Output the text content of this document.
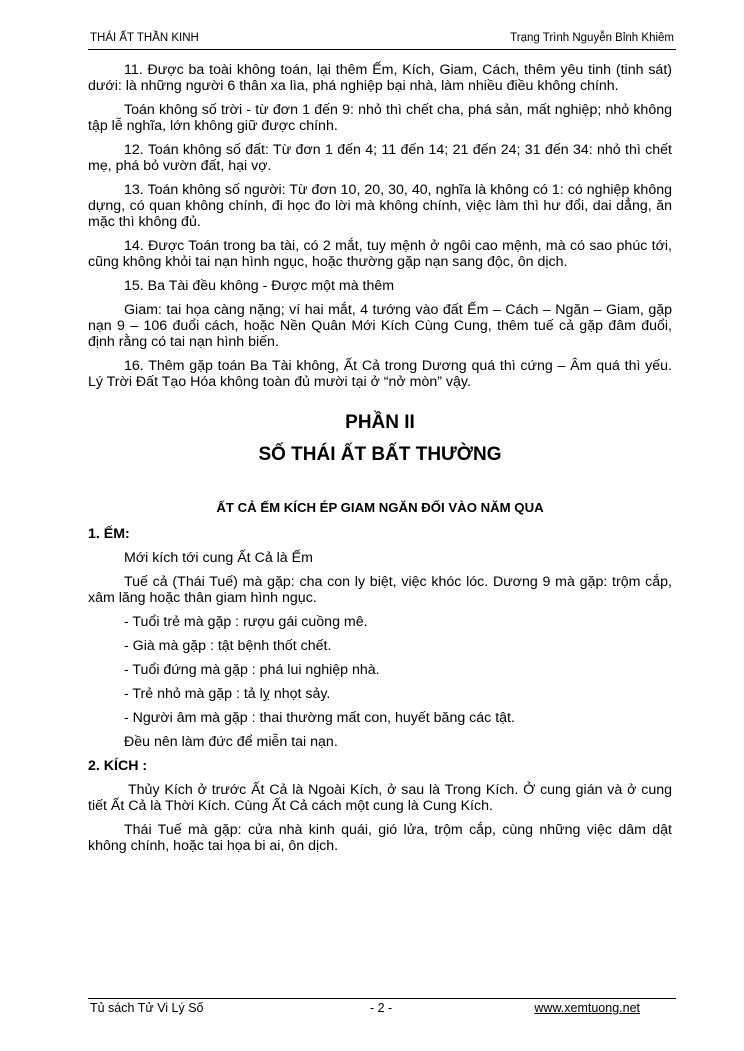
THÁI ẤT THẦN KINH	Trạng Trình Nguyễn Bỉnh Khiêm

11. Được ba toài không toán, lại thêm Ếm, Kích, Giam, Cách, thêm yêu tinh (tinh sát) dưới: là những người 6 thân xa lìa, phá nghiệp bại nhà, làm nhiều điều không chính.

Toán không số trời - từ đơn 1 đến 9: nhỏ thì chết cha, phá sản, mất nghiệp; nhỏ không tập lễ nghĩa, lớn không giữ được chính.

12. Toán không số đất: Từ đơn 1 đến 4; 11 đến 14; 21 đến 24; 31 đến 34: nhỏ thì chết mẹ, phá bỏ vườn đất, hại vợ.

13. Toán không số người: Từ đơn 10, 20, 30, 40, nghĩa là không có 1: có nghiệp không dựng, có quan không chính, đi học đo lời mà không chính, việc làm thì hư đổi, dai dẳng, ăn mặc thì không đủ.

14. Được Toán trong ba tài, có 2 mắt, tuy mệnh ở ngôi cao mệnh, mà có sao phúc tới, cũng không khỏi tai nạn hình ngục, hoặc thường gặp nạn sang độc, ôn dịch.

15. Ba Tài đều không - Được một mà thêm

Giam: tai họa càng nặng; ví hai mắt, 4 tướng vào đất Ếm – Cách – Ngăn – Giam, gặp nạn 9 – 106 đuổi cách, hoặc Nền Quân Mới Kích Cùng Cung, thêm tuế cả gặp đâm đuổi, định rằng có tai nạn hình biến.

16. Thêm gặp toán Ba Tài không, Ất Cả trong Dương quá thì cứng – Âm quá thì yếu. Lý Trời Đất Tạo Hóa không toàn đủ mười tại ở “nở mòn” vậy.

PHẦN II
SỐ THÁI ẤT BẤT THƯỜNG
ẤT CẢ ẾM KÍCH ÉP GIAM NGĂN ĐỐI VÀO NĂM QUA
1. ẾM:

Mới kích tới cung Ất Cả là Ếm

Tuế cả (Thái Tuế) mà gặp: cha con ly biệt, việc khóc lóc. Dương 9 mà gặp: trộm cắp, xâm lăng hoặc thân giam hình ngục.

- Tuổi trẻ mà gặp : rượu gái cuồng mê.

- Già mà gặp : tật bệnh thốt chết.

- Tuổi đứng mà gặp : phá lui nghiệp nhà.

- Trẻ nhỏ mà gặp : tả lỵ nhọt sảy.

- Người âm mà gặp : thai thường mất con, huyết băng các tật.

Đều nên làm đức để miễn tai nạn.

2. KÍCH :

Thủy Kích ở trước Ất Cả là Ngoài Kích, ở sau là Trong Kích. Ở cung gián và ở cung tiết Ất Cả là Thời Kích. Cùng Ất Cả cách một cung là Cung Kích.

Thái Tuế mà gặp: cửa nhà kinh quái, gió lửa, trộm cắp, cùng những việc dâm dật không chính, hoặc tai họa bi ai, ôn dịch.

Tủ sách Tử Vi Lý Số	- 2 -	www.xemtuong.net
